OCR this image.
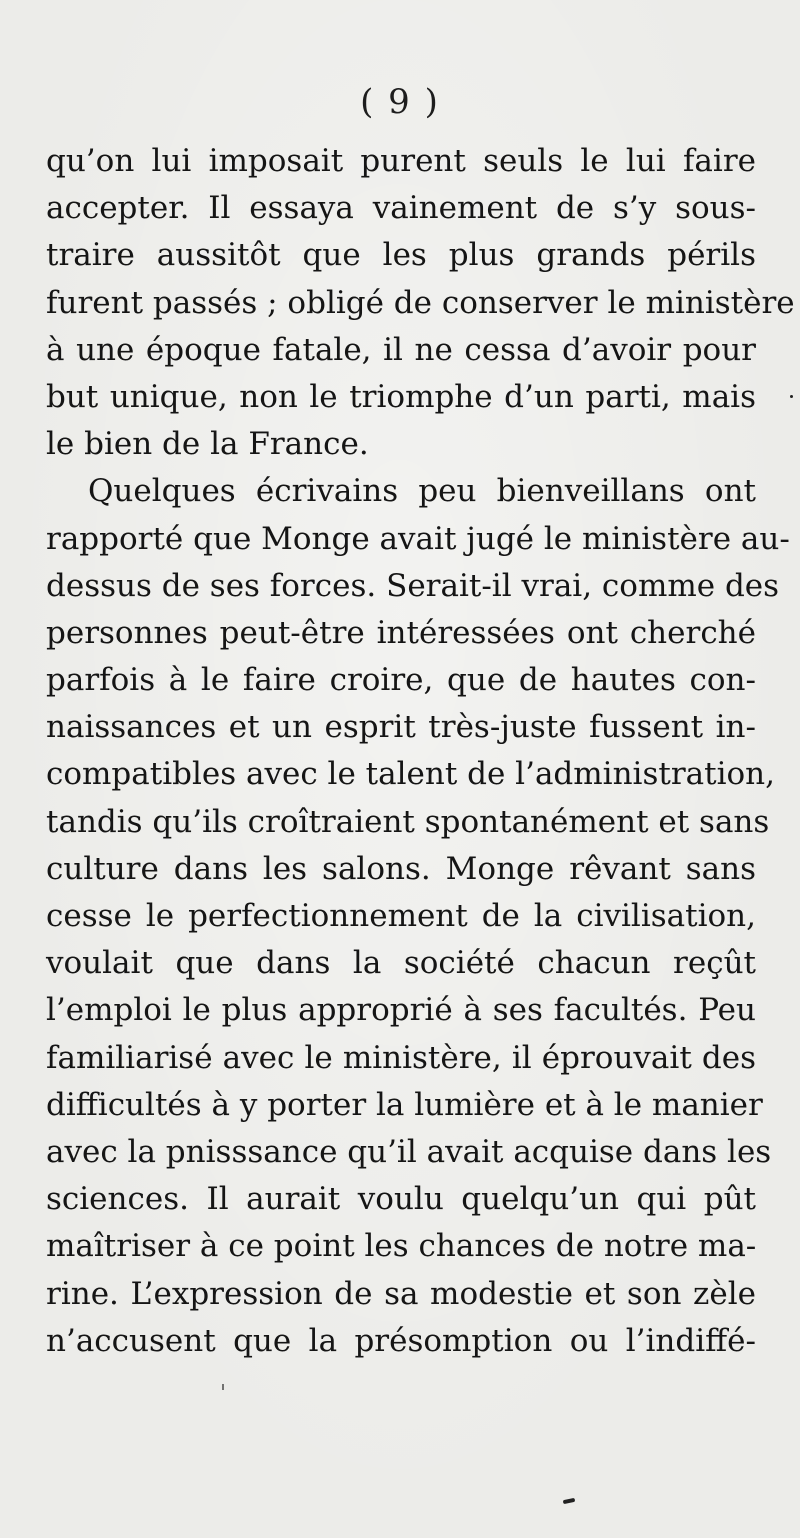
( 9 )
qu’on lui imposait purent seuls le lui faire
accepter. Il essaya vainement de s’y sous-
traire aussitôt que les plus grands périls
furent passés ; obligé de conserver le ministère
à une époque fatale, il ne cessa d’avoir pour
but unique, non le triomphe d’un parti, mais
le bien de la France.
Quelques écrivains peu bienveillans ont
rapporté que Monge avait jugé le ministère au-
dessus de ses forces. Serait-il vrai, comme des
personnes peut-être intéressées ont cherché
parfois à le faire croire, que de hautes con-
naissances et un esprit très-juste fussent in-
compatibles avec le talent de l’administration,
tandis qu’ils croîtraient spontanément et sans
culture dans les salons. Monge rêvant sans
cesse le perfectionnement de la civilisation,
voulait que dans la société chacun reçût
l’emploi le plus approprié à ses facultés. Peu
familiarisé avec le ministère, il éprouvait des
difficultés à y porter la lumière et à le manier
avec la pnisssance qu’il avait acquise dans les
sciences. Il aurait voulu quelqu’un qui pût
maîtriser à ce point les chances de notre ma-
rine. L’expression de sa modestie et son zèle
n’accusent que la présomption ou l’indiffé-
